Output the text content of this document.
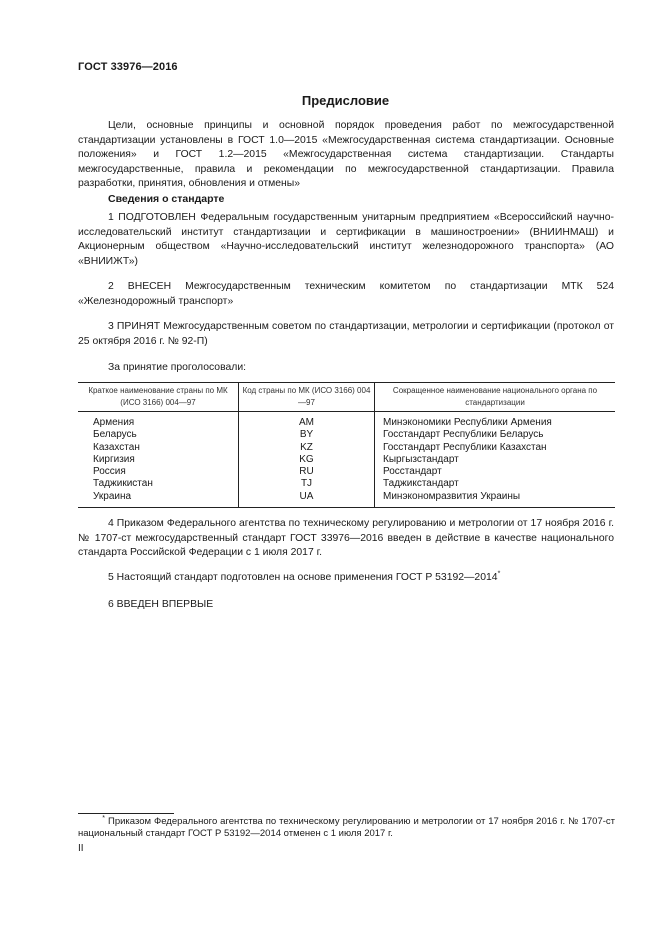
ГОСТ 33976—2016
Предисловие
Цели, основные принципы и основной порядок проведения работ по межгосударственной стандартизации установлены в ГОСТ 1.0—2015 «Межгосударственная система стандартизации. Основные положения» и ГОСТ 1.2—2015 «Межгосударственная система стандартизации. Стандарты межгосударственные, правила и рекомендации по межгосударственной стандартизации. Правила разработки, принятия, обновления и отмены»
Сведения о стандарте
1 ПОДГОТОВЛЕН Федеральным государственным унитарным предприятием «Всероссийский научно-исследовательский институт стандартизации и сертификации в машиностроении» (ВНИИНМАШ) и Акционерным обществом «Научно-исследовательский институт железнодорожного транспорта» (АО «ВНИИЖТ»)
2 ВНЕСЕН Межгосударственным техническим комитетом по стандартизации МТК 524 «Железнодорожный транспорт»
3 ПРИНЯТ Межгосударственным советом по стандартизации, метрологии и сертификации (протокол от 25 октября 2016 г. № 92-П)
За принятие проголосовали:
Краткое наименование страны по МК (ИСО 3166) 004—97	Код страны по МК (ИСО 3166) 004—97	Сокращенное наименование национального органа по стандартизации
Армения	AM	Минэкономики Республики Армения
Беларусь	BY	Госстандарт Республики Беларусь
Казахстан	KZ	Госстандарт Республики Казахстан
Киргизия	KG	Кыргызстандарт
Россия	RU	Росстандарт
Таджикистан	TJ	Таджикстандарт
Украина	UA	Минэкономразвития Украины
4 Приказом Федерального агентства по техническому регулированию и метрологии от 17 ноября 2016 г. № 1707-ст межгосударственный стандарт ГОСТ 33976—2016 введен в действие в качестве национального стандарта Российской Федерации с 1 июля 2017 г.
5 Настоящий стандарт подготовлен на основе применения ГОСТ Р 53192—2014*
6 ВВЕДЕН ВПЕРВЫЕ
* Приказом Федерального агентства по техническому регулированию и метрологии от 17 ноября 2016 г. № 1707-ст национальный стандарт ГОСТ Р 53192—2014 отменен с 1 июля 2017 г.
II
